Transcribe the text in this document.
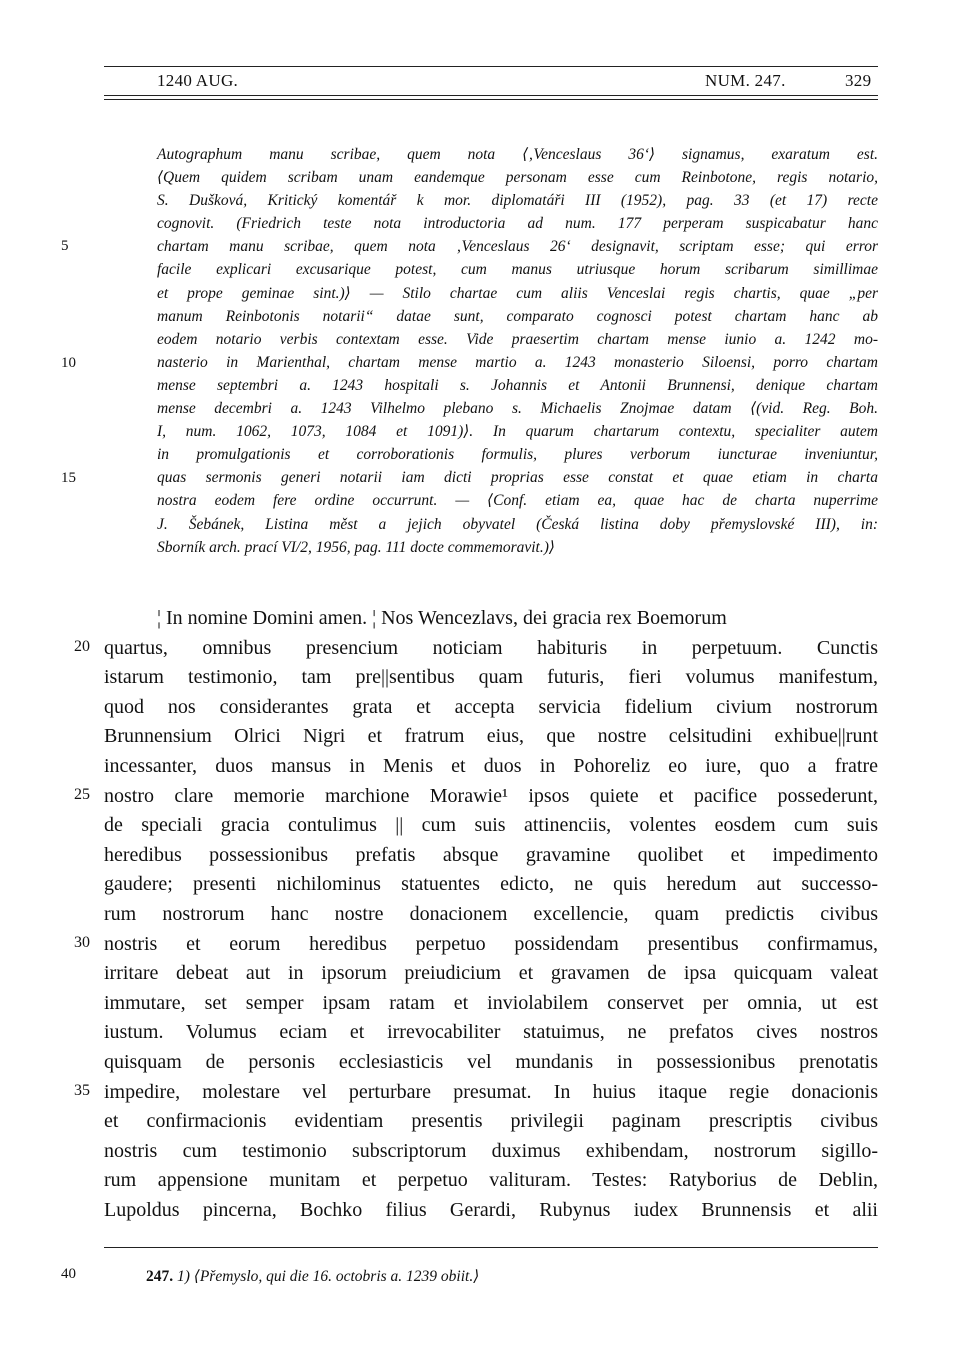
1240 AUG.	NUM. 247.	329
Autographum manu scribae, quem nota ⟨‚Venceslaus 36‘⟩ signamus, exaratum est.
⟨Quem quidem scribam unam eandemque personam esse cum Reinbotone, regis notario,
S. Dušková, Kritický komentář k mor. diplomatáři III (1952), pag. 33 (et 17) recte
cognovit. (Friedrich teste nota introductoria ad num. 177 perperam suspicabatur hanc
chartam manu scribae, quem nota ‚Venceslaus 26‘ designavit, scriptam esse; qui error
facile explicari excusarique potest, cum manus utriusque horum scribarum simillimae
et prope geminae sint.)⟩ — Stilo chartae cum aliis Venceslai regis chartis, quae „per
manum Reinbotonis notarii“ datae sunt, comparato cognosci potest chartam hanc ab
eodem notario verbis contextam esse. Vide praesertim chartam mense iunio a. 1242 mo-
nasterio in Marienthal, chartam mense martio a. 1243 monasterio Siloensi, porro chartam
mense septembri a. 1243 hospitali s. Johannis et Antonii Brunnensi, denique chartam
mense decembri a. 1243 Vilhelmo plebano s. Michaelis Znojmae datam ⟨(vid. Reg. Boh.
I, num. 1062, 1073, 1084 et 1091)⟩. In quarum chartarum contextu, specialiter autem
in promulgationis et corroborationis formulis, plures verborum iuncturae inveniuntur,
quas sermonis generi notarii iam dicti proprias esse constat et quae etiam in charta
nostra eodem fere ordine occurrunt. — ⟨Conf. etiam ea, quae hac de charta nuperrime
J. Šebánek, Listina měst a jejich obyvatel (Česká listina doby přemyslovské III), in:
Sborník arch. prací VI/2, 1956, pag. 111 docte commemoravit.)⟩
5
10
15
¦ In nomine Domini amen. ¦ Nos Wencezlavs, dei gracia rex Boemorum
quartus, omnibus presencium noticiam habituris in perpetuum. Cunctis
istarum testimonio, tam pre||sentibus quam futuris, fieri volumus manifestum,
quod nos considerantes grata et accepta servicia fidelium civium nostrorum
Brunnensium Olrici Nigri et fratrum eius, que nostre celsitudini exhibue||runt
incessanter, duos mansus in Menis et duos in Pohoreliz eo iure, quo a fratre
nostro clare memorie marchione Morawie¹ ipsos quiete et pacifice possederunt,
de speciali gracia contulimus || cum suis attinenciis, volentes eosdem cum suis
heredibus possessionibus prefatis absque gravamine quolibet et impedimento
gaudere; presenti nichilominus statuentes edicto, ne quis heredum aut successo-
rum nostrorum hanc nostre donacionem excellencie, quam predictis civibus
nostris et eorum heredibus perpetuo possidendam presentibus confirmamus,
irritare debeat aut in ipsorum preiudicium et gravamen de ipsa quicquam valeat
immutare, set semper ipsam ratam et inviolabilem conservet per omnia, ut est
iustum. Volumus eciam et irrevocabiliter statuimus, ne prefatos cives nostros
quisquam de personis ecclesiasticis vel mundanis in possessionibus prenotatis
impedire, molestare vel perturbare presumat. In huius itaque regie donacionis
et confirmacionis evidentiam presentis privilegii paginam prescriptis civibus
nostris cum testimonio subscriptorum duximus exhibendam, nostrorum sigillo-
rum appensione munitam et perpetuo valituram. Testes: Ratyborius de Deblin,
Lupoldus pincerna, Bochko filius Gerardi, Rubynus iudex Brunnensis et alii
20
25
30
35
40	247. 1) ⟨Přemyslo, qui die 16. octobris a. 1239 obiit.⟩
